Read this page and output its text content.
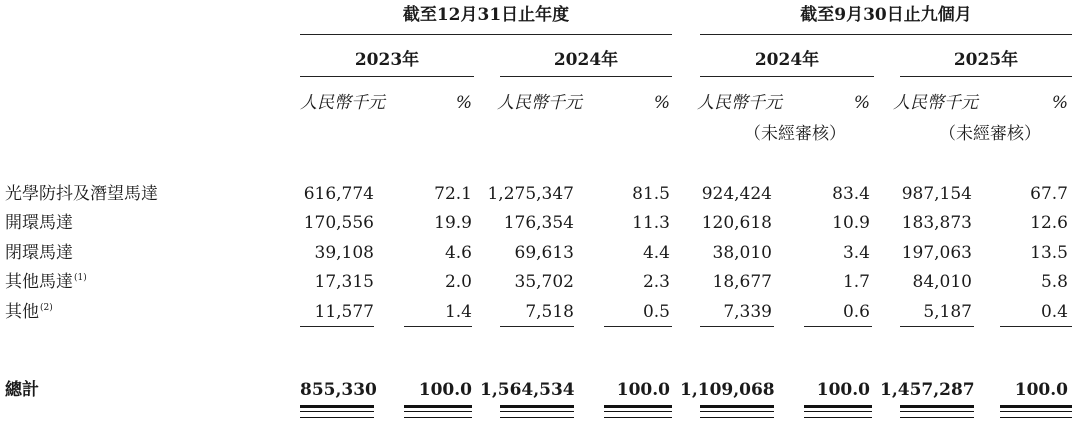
截至12月31日止年度	截至9月30日止九個月
2023年	2024年	2024年	2025年
人民幣千元	% 人民幣千元	% 人民幣千元	% 人民幣千元	%
（未經審核）	（未經審核）
光學防抖及潛望馬達	616,774	72.1 1,275,347	81.5	924,424	83.4	987,154	67.7
開環馬達	170,556	19.9	176,354	11.3	120,618	10.9	183,873	12.6
閉環馬達	39,108	4.6	69,613	4.4	38,010	3.4	197,063	13.5
其他馬達$^{(1)}$	17,315	2.0	35,702	2.3	18,677	1.7	84,010	5.8
其他$^{(2)}$	11,577	1.4	7,518	0.5	7,339	0.6	5,187	0.4
總計	855,330	100.0 1,564,534	100.0 1,109,068	100.0 1,457,287	100.0
